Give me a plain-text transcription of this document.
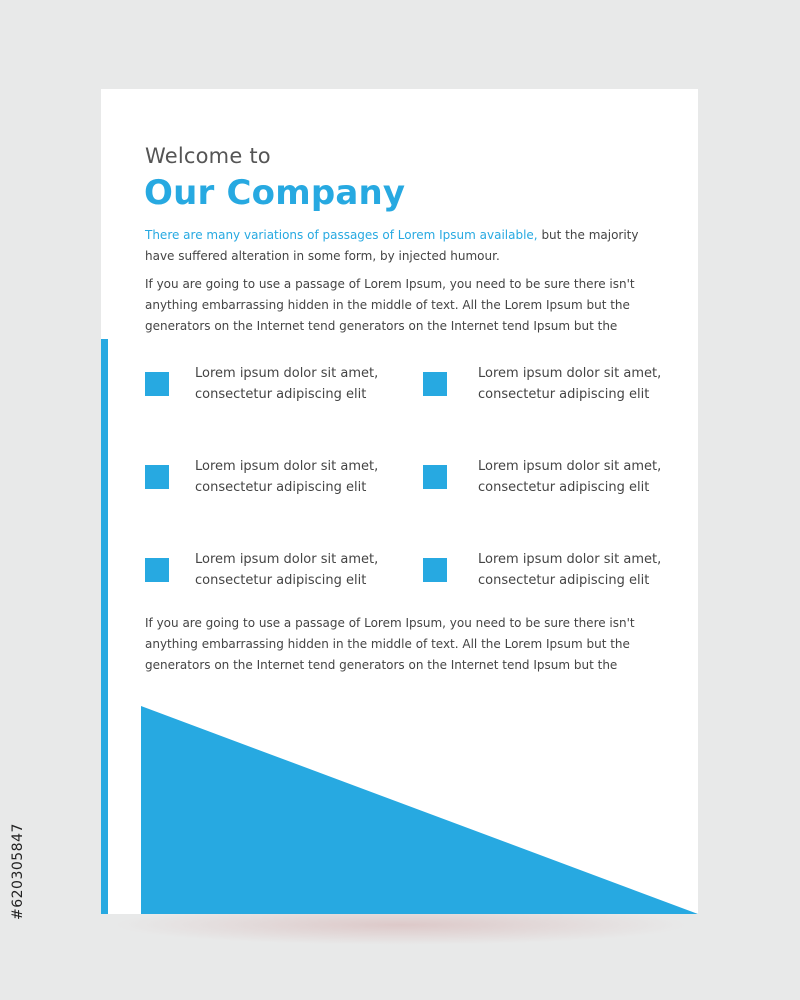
Welcome to
Our Company
There are many variations of passages of Lorem Ipsum available, but the majority have suffered alteration in some form, by injected humour.
If you are going to use a passage of Lorem Ipsum, you need to be sure there isn't anything embarrassing hidden in the middle of text. All the Lorem Ipsum but the generators on the Internet tend generators on the Internet tend Ipsum but the
Lorem ipsum dolor sit amet,
consectetur adipiscing elit
Lorem ipsum dolor sit amet,
consectetur adipiscing elit
Lorem ipsum dolor sit amet,
consectetur adipiscing elit
Lorem ipsum dolor sit amet,
consectetur adipiscing elit
Lorem ipsum dolor sit amet,
consectetur adipiscing elit
Lorem ipsum dolor sit amet,
consectetur adipiscing elit
If you are going to use a passage of Lorem Ipsum, you need to be sure there isn't anything embarrassing hidden in the middle of text. All the Lorem Ipsum but the generators on the Internet tend generators on the Internet tend Ipsum but the
#620305847
